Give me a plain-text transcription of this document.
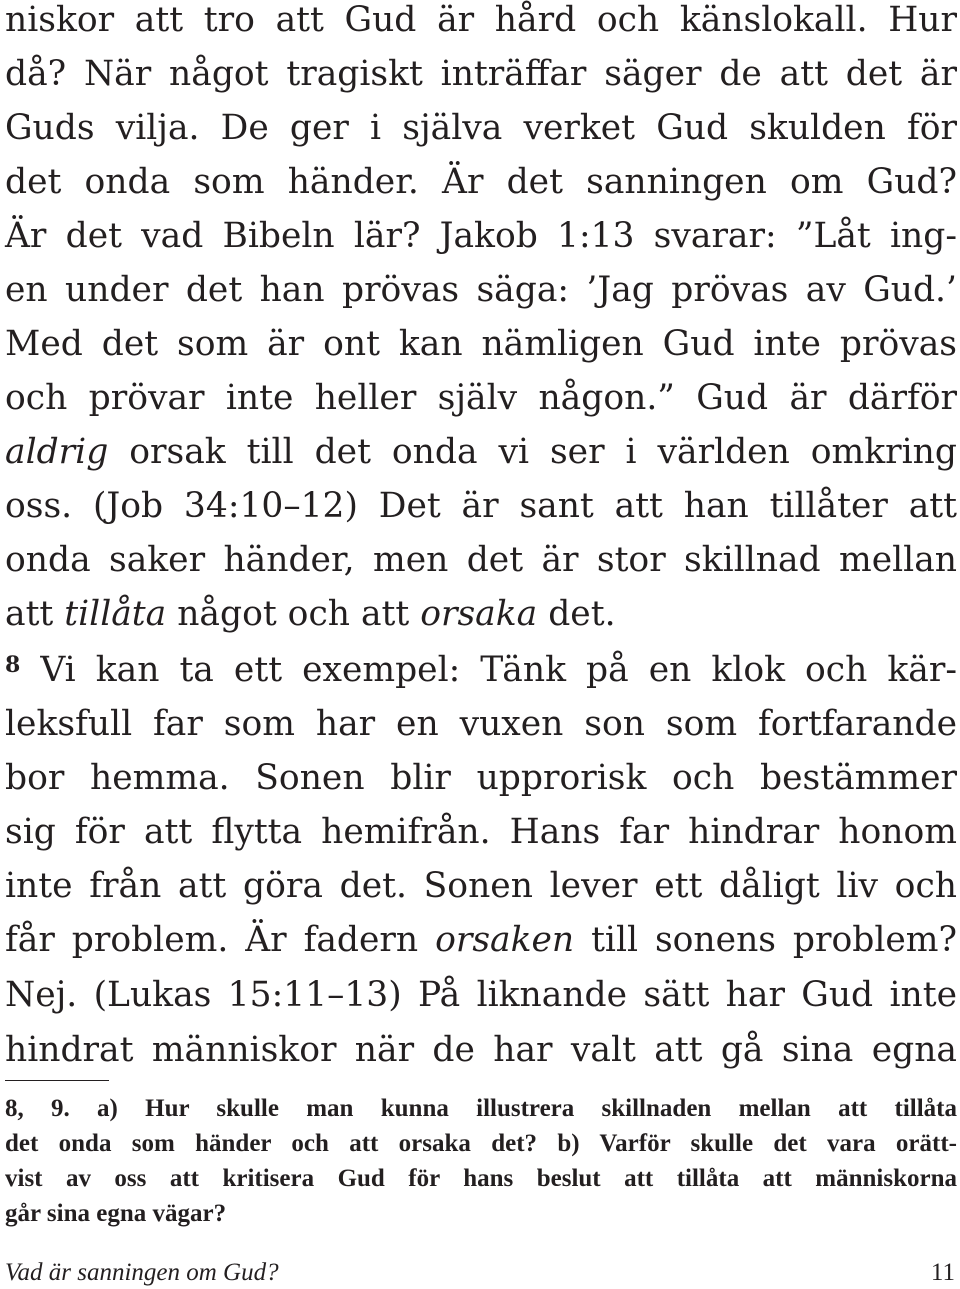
niskor att tro att Gud är hård och känslokall. Hur
då? När något tragiskt inträffar säger de att det är
Guds vilja. De ger i själva verket Gud skulden för
det onda som händer. Är det sanningen om Gud?
Är det vad Bibeln lär? Jakob 1:13 svarar: ”Låt ing-
en under det han prövas säga: ’Jag prövas av Gud.’
Med det som är ont kan nämligen Gud inte prövas
och prövar inte heller själv någon.” Gud är därför
aldrig orsak till det onda vi ser i världen omkring
oss. (Job 34:10–12) Det är sant att han tillåter att
onda saker händer, men det är stor skillnad mellan
att tillåta något och att orsaka det.
$^8$ Vi kan ta ett exempel: Tänk på en klok och kär-
leksfull far som har en vuxen son som fortfarande
bor hemma. Sonen blir upprorisk och bestämmer
sig för att flytta hemifrån. Hans far hindrar honom
inte från att göra det. Sonen lever ett dåligt liv och
får problem. Är fadern orsaken till sonens problem?
Nej. (Lukas 15:11–13) På liknande sätt har Gud inte
hindrat människor när de har valt att gå sina egna
8, 9. a) Hur skulle man kunna illustrera skillnaden mellan att tillåta
det onda som händer och att orsaka det? b) Varför skulle det vara orätt-
vist av oss att kritisera Gud för hans beslut att tillåta att människorna
går sina egna vägar?
Vad är sanningen om Gud?	11
